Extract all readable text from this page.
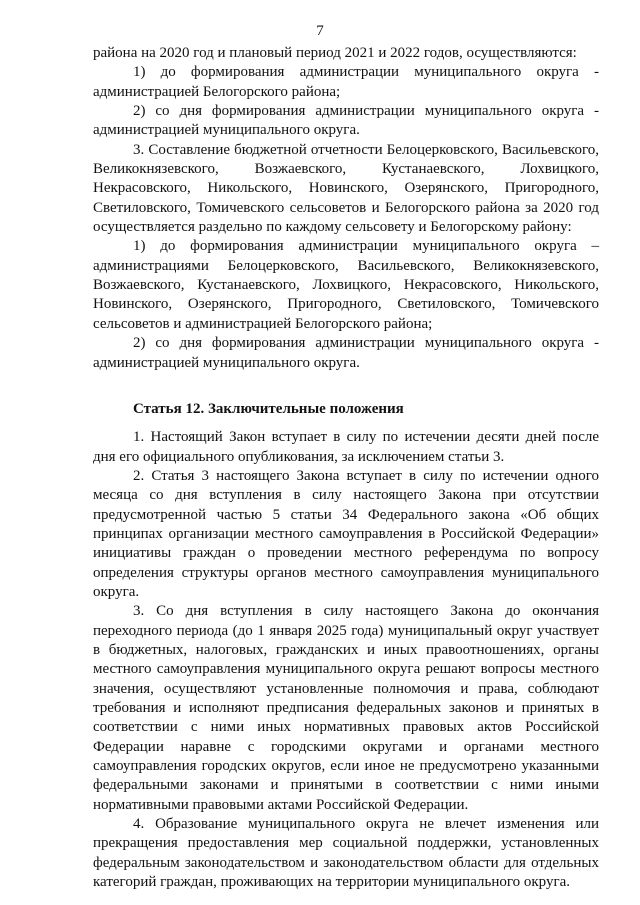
7

района на 2020 год и плановый период 2021 и 2022 годов, осуществляются:

1) до формирования администрации муниципального округа - администрацией Белогорского района;

2) со дня формирования администрации муниципального округа - администрацией муниципального округа.

3. Составление бюджетной отчетности Белоцерковского, Васильевского, Великокнязевского, Возжаевского, Кустанаевского, Лохвицкого, Некрасовского, Никольского, Новинского, Озерянского, Пригородного, Светиловского, Томичевского сельсоветов и Белогорского района за 2020 год осуществляется раздельно по каждому сельсовету и Белогорскому району:

1) до формирования администрации муниципального округа – администрациями Белоцерковского, Васильевского, Великокнязевского, Возжаевского, Кустанаевского, Лохвицкого, Некрасовского, Никольского, Новинского, Озерянского, Пригородного, Светиловского, Томичевского сельсоветов и администрацией Белогорского района;

2) со дня формирования администрации муниципального округа - администрацией муниципального округа.

Статья 12. Заключительные положения

1. Настоящий Закон вступает в силу по истечении десяти дней после дня его официального опубликования, за исключением статьи 3.

2. Статья 3 настоящего Закона вступает в силу по истечении одного месяца со дня вступления в силу настоящего Закона при отсутствии предусмотренной частью 5 статьи 34 Федерального закона «Об общих принципах организации местного самоуправления в Российской Федерации» инициативы граждан о проведении местного референдума по вопросу определения структуры органов местного самоуправления муниципального округа.

3. Со дня вступления в силу настоящего Закона до окончания переходного периода (до 1 января 2025 года) муниципальный округ участвует в бюджетных, налоговых, гражданских и иных правоотношениях, органы местного самоуправления муниципального округа решают вопросы местного значения, осуществляют установленные полномочия и права, соблюдают требования и исполняют предписания федеральных законов и принятых в соответствии с ними иных нормативных правовых актов Российской Федерации наравне с городскими округами и органами местного самоуправления городских округов, если иное не предусмотрено указанными федеральными законами и принятыми в соответствии с ними иными нормативными правовыми актами Российской Федерации.

4. Образование муниципального округа не влечет изменения или прекращения предоставления мер социальной поддержки, установленных федеральным законодательством и законодательством области для отдельных категорий граждан, проживающих на территории муниципального округа.
